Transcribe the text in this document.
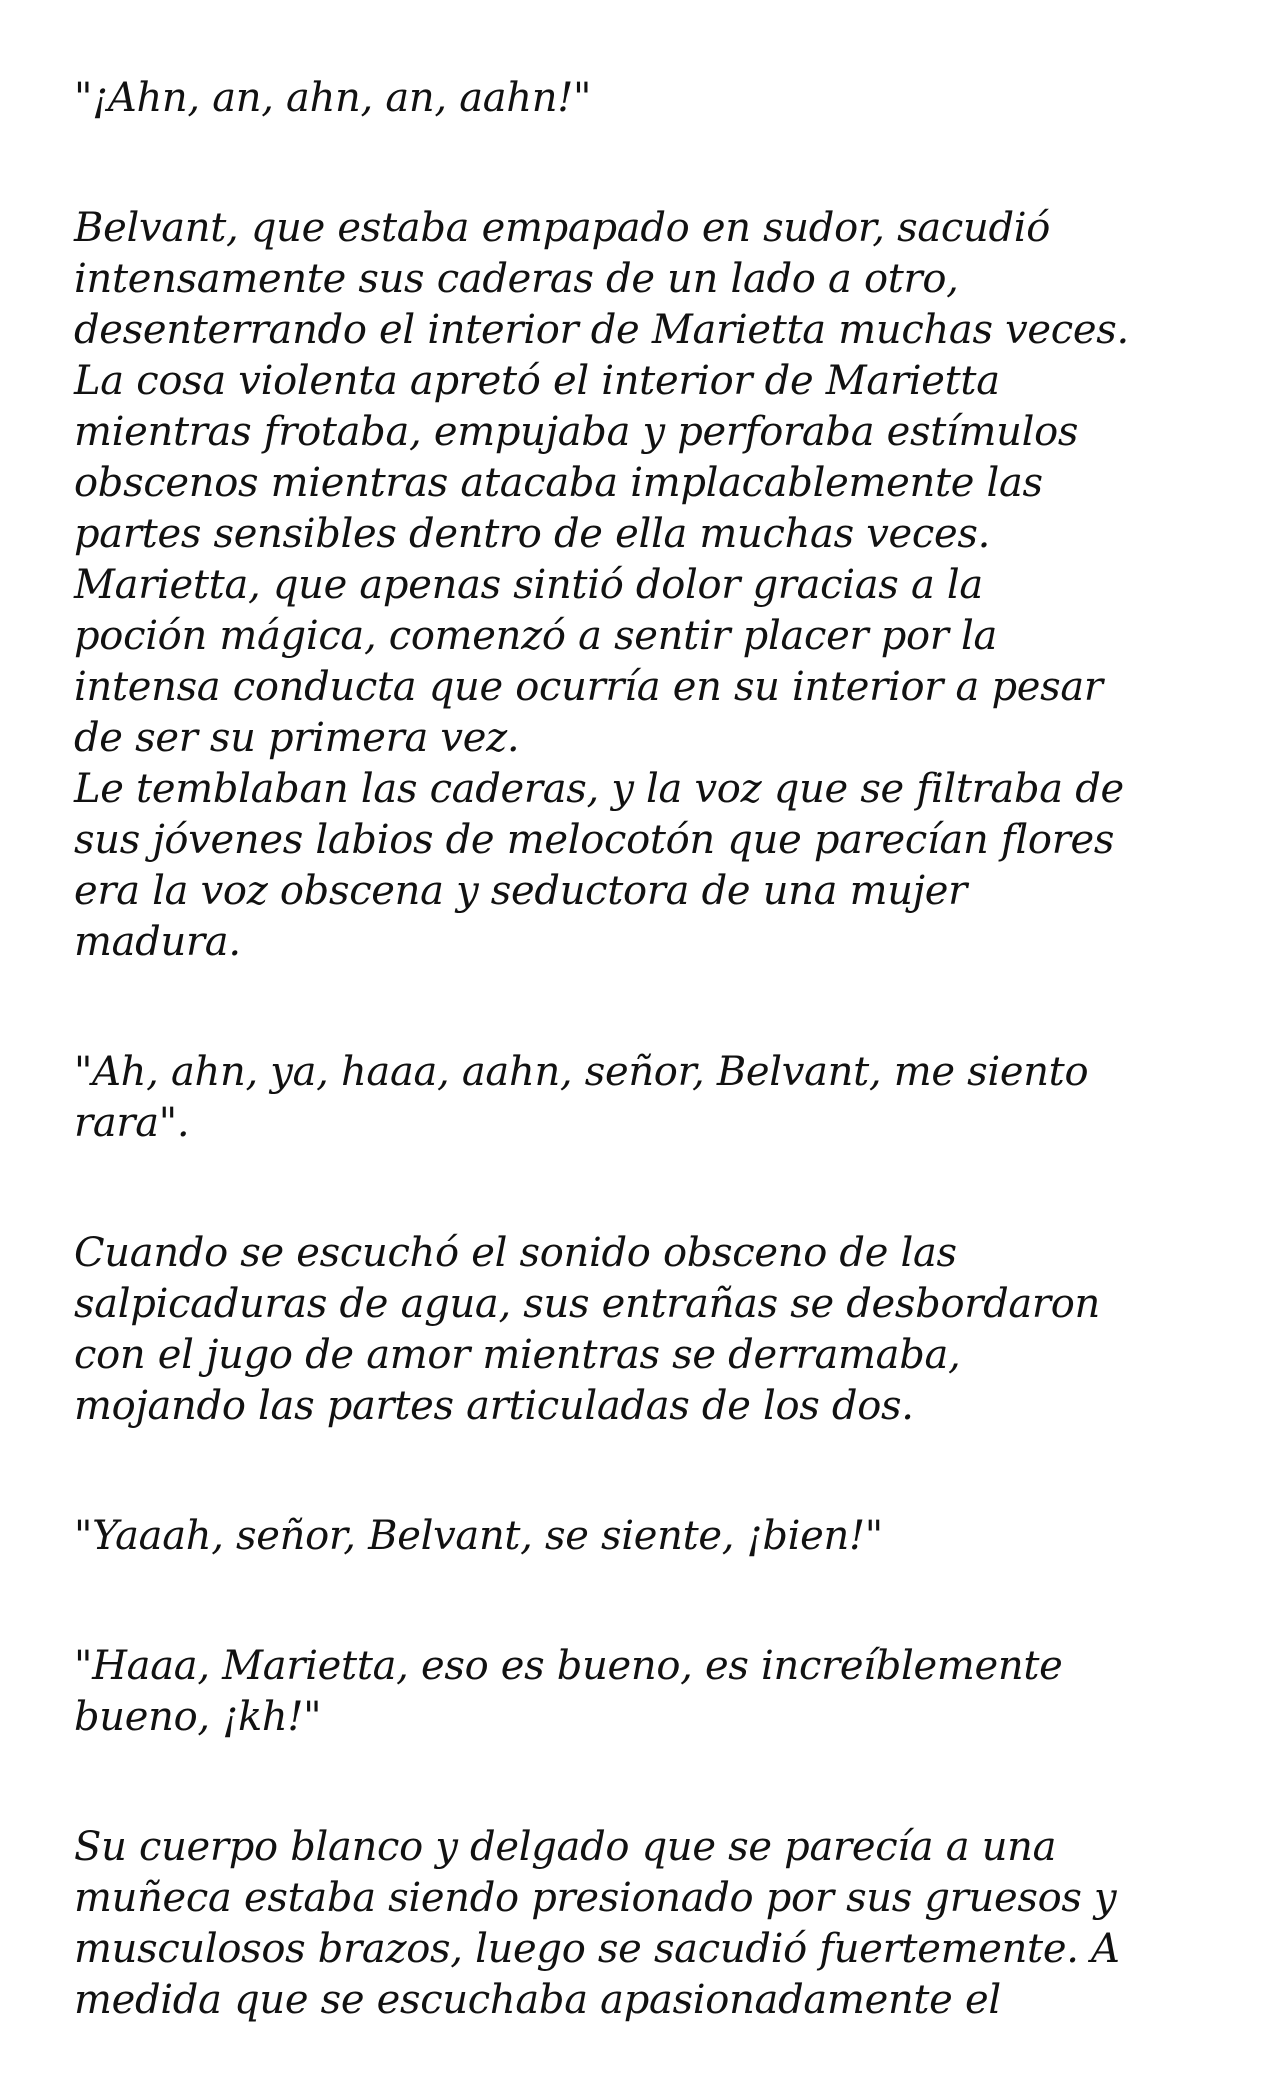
"¡Ahn, an, ahn, an, aahn!"

Belvant, que estaba empapado en sudor, sacudió
intensamente sus caderas de un lado a otro,
desenterrando el interior de Marietta muchas veces.
La cosa violenta apretó el interior de Marietta
mientras frotaba, empujaba y perforaba estímulos
obscenos mientras atacaba implacablemente las
partes sensibles dentro de ella muchas veces.
Marietta, que apenas sintió dolor gracias a la
poción mágica, comenzó a sentir placer por la
intensa conducta que ocurría en su interior a pesar
de ser su primera vez.
Le temblaban las caderas, y la voz que se filtraba de
sus jóvenes labios de melocotón que parecían flores
era la voz obscena y seductora de una mujer
madura.

"Ah, ahn, ya, haaa, aahn, señor, Belvant, me siento
rara".

Cuando se escuchó el sonido obsceno de las
salpicaduras de agua, sus entrañas se desbordaron
con el jugo de amor mientras se derramaba,
mojando las partes articuladas de los dos.

"Yaaah, señor, Belvant, se siente, ¡bien!"

"Haaa, Marietta, eso es bueno, es increíblemente
bueno, ¡kh!"

Su cuerpo blanco y delgado que se parecía a una
muñeca estaba siendo presionado por sus gruesos y
musculosos brazos, luego se sacudió fuertemente. A
medida que se escuchaba apasionadamente el
